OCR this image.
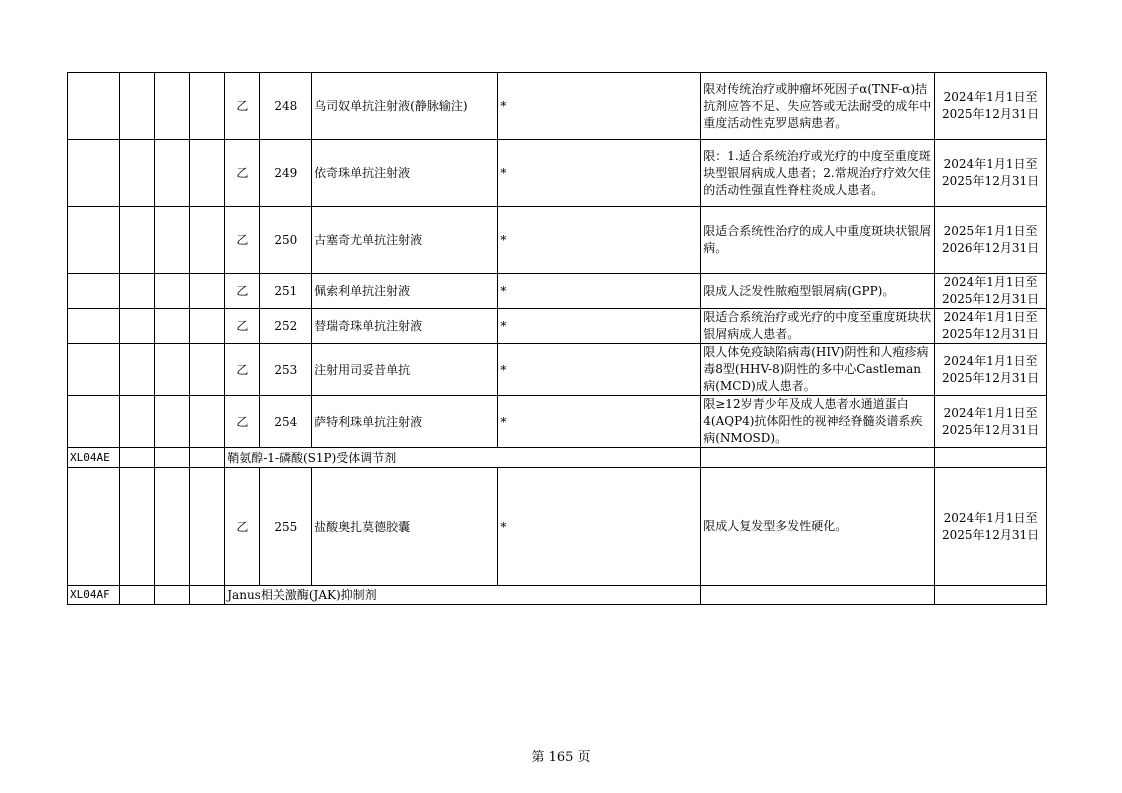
				乙	248	乌司奴单抗注射液(静脉输注)	*	限对传统治疗或肿瘤坏死因子α(TNF-α)拮抗剂应答不足、失应答或无法耐受的成年中重度活动性克罗恩病患者。	2024年1月1日至
2025年12月31日
				乙	249	依奇珠单抗注射液	*	限：1.适合系统治疗或光疗的中度至重度斑块型银屑病成人患者；2.常规治疗疗效欠佳的活动性强直性脊柱炎成人患者。	2024年1月1日至
2025年12月31日
				乙	250	古塞奇尤单抗注射液	*	限适合系统性治疗的成人中重度斑块状银屑病。	2025年1月1日至
2026年12月31日
				乙	251	佩索利单抗注射液	*	限成人泛发性脓疱型银屑病(GPP)。	2024年1月1日至
2025年12月31日
				乙	252	替瑞奇珠单抗注射液	*	限适合系统治疗或光疗的中度至重度斑块状银屑病成人患者。	2024年1月1日至
2025年12月31日
				乙	253	注射用司妥昔单抗	*	限人体免疫缺陷病毒(HIV)阴性和人疱疹病毒8型(HHV-8)阴性的多中心Castleman病(MCD)成人患者。	2024年1月1日至
2025年12月31日
				乙	254	萨特利珠单抗注射液	*	限≥12岁青少年及成人患者水通道蛋白4(AQP4)抗体阳性的视神经脊髓炎谱系疾病(NMOSD)。	2024年1月1日至
2025年12月31日
XL04AE				鞘氨醇-1-磷酸(S1P)受体调节剂					
				乙	255	盐酸奥扎莫德胶囊	*	限成人复发型多发性硬化。	2024年1月1日至
2025年12月31日
XL04AF				Janus相关激酶(JAK)抑制剂					
第 165 页
